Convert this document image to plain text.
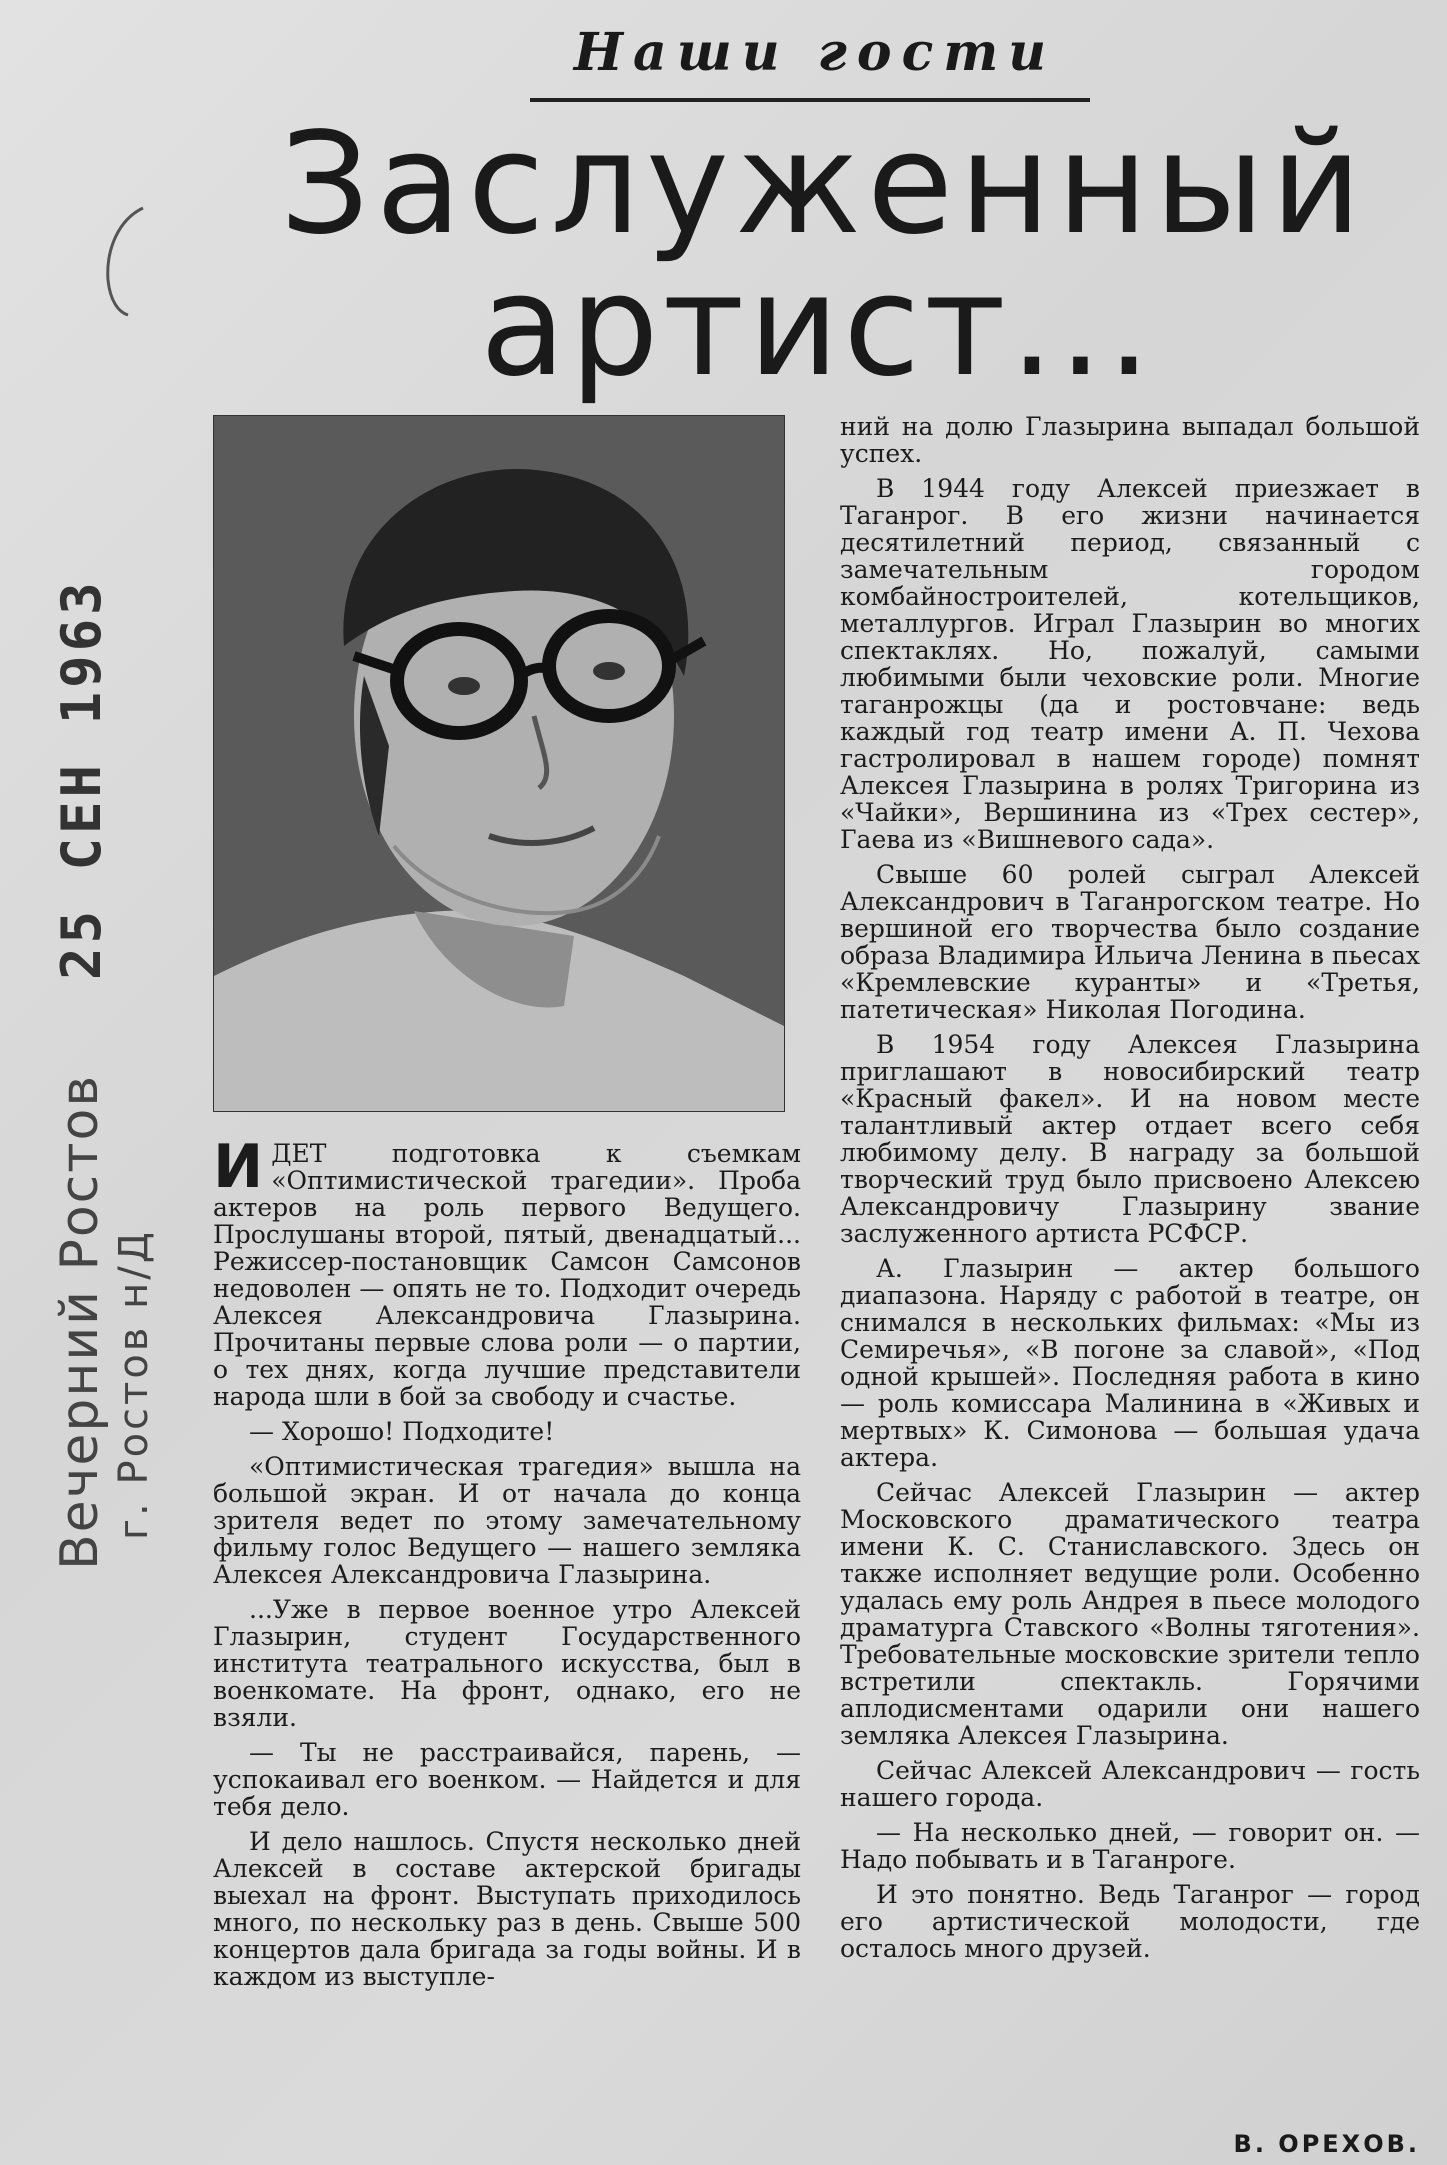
Наши гости
Заслуженный
артист...
25 СЕН 1963
Вечерний Ростов г. Ростов н/Д

ИДЕТ подготовка к съемкам «Оптимистической трагедии». Проба актеров на роль первого Ведущего. Прослушаны второй, пятый, двенадцатый... Режиссер-постановщик Самсон Самсонов недоволен — опять не то. Подходит очередь Алексея Александровича Глазырина. Прочитаны первые слова роли — о партии, о тех днях, когда лучшие представители народа шли в бой за свободу и счастье.

— Хорошо! Подходите!

«Оптимистическая трагедия» вышла на большой экран. И от начала до конца зрителя ведет по этому замечательному фильму голос Ведущего — нашего земляка Алексея Александровича Глазырина.

...Уже в первое военное утро Алексей Глазырин, студент Государственного института театрального искусства, был в военкомате. На фронт, однако, его не взяли.

— Ты не расстраивайся, парень, — успокаивал его военком. — Найдется и для тебя дело.

И дело нашлось. Спустя несколько дней Алексей в составе актерской бригады выехал на фронт. Выступать приходилось много, по нескольку раз в день. Свыше 500 концертов дала бригада за годы войны. И в каждом из выступле-

ний на долю Глазырина выпадал большой успех.

В 1944 году Алексей приезжает в Таганрог. В его жизни начинается десятилетний период, связанный с замечательным городом комбайностроителей, котельщиков, металлургов. Играл Глазырин во многих спектаклях. Но, пожалуй, самыми любимыми были чеховские роли. Многие таганрожцы (да и ростовчане: ведь каждый год театр имени А. П. Чехова гастролировал в нашем городе) помнят Алексея Глазырина в ролях Тригорина из «Чайки», Вершинина из «Трех сестер», Гаева из «Вишневого сада».

Свыше 60 ролей сыграл Алексей Александрович в Таганрогском театре. Но вершиной его творчества было создание образа Владимира Ильича Ленина в пьесах «Кремлевские куранты» и «Третья, патетическая» Николая Погодина.

В 1954 году Алексея Глазырина приглашают в новосибирский театр «Красный факел». И на новом месте талантливый актер отдает всего себя любимому делу. В награду за большой творческий труд было присвоено Алексею Александровичу Глазырину звание заслуженного артиста РСФСР.

А. Глазырин — актер большого диапазона. Наряду с работой в театре, он снимался в нескольких фильмах: «Мы из Семиречья», «В погоне за славой», «Под одной крышей». Последняя работа в кино — роль комиссара Малинина в «Живых и мертвых» К. Симонова — большая удача актера.

Сейчас Алексей Глазырин — актер Московского драматического театра имени К. С. Станиславского. Здесь он также исполняет ведущие роли. Особенно удалась ему роль Андрея в пьесе молодого драматурга Ставского «Волны тяготения». Требовательные московские зрители тепло встретили спектакль. Горячими аплодисментами одарили они нашего земляка Алексея Глазырина.

Сейчас Алексей Александрович — гость нашего города.

— На несколько дней, — говорит он. — Надо побывать и в Таганроге.

И это понятно. Ведь Таганрог — город его артистической молодости, где осталось много друзей.

В. ОРЕХОВ.
